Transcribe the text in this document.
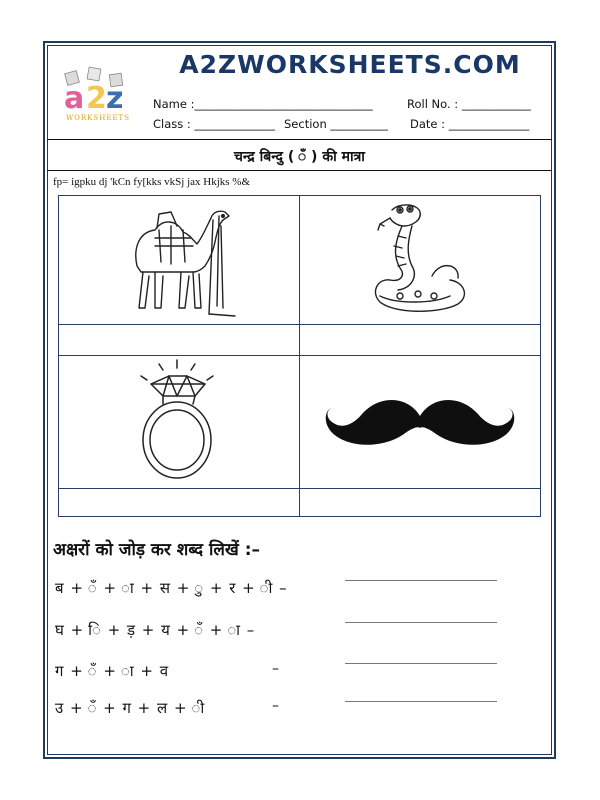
a 2 z
WORKSHEETS
A2ZWORKSHEETS.COM
Name :_______________________________	Roll No. : ____________
Class : ______________ Section __________ Date : ______________
चन्द्र बिन्दु ( ँ ) की मात्रा
fp= igpku dj 'kCn fy[kks vkSj jax Hkjks %&
अक्षरों को जोड़ कर शब्द लिखें :–
ब + ँ + ा + स + ु + र + ी –
घ + ि + ड़ + य + ँ + ा –
ग + ँ + ा + व	–
उ + ँ + ग + ल + ी	–
